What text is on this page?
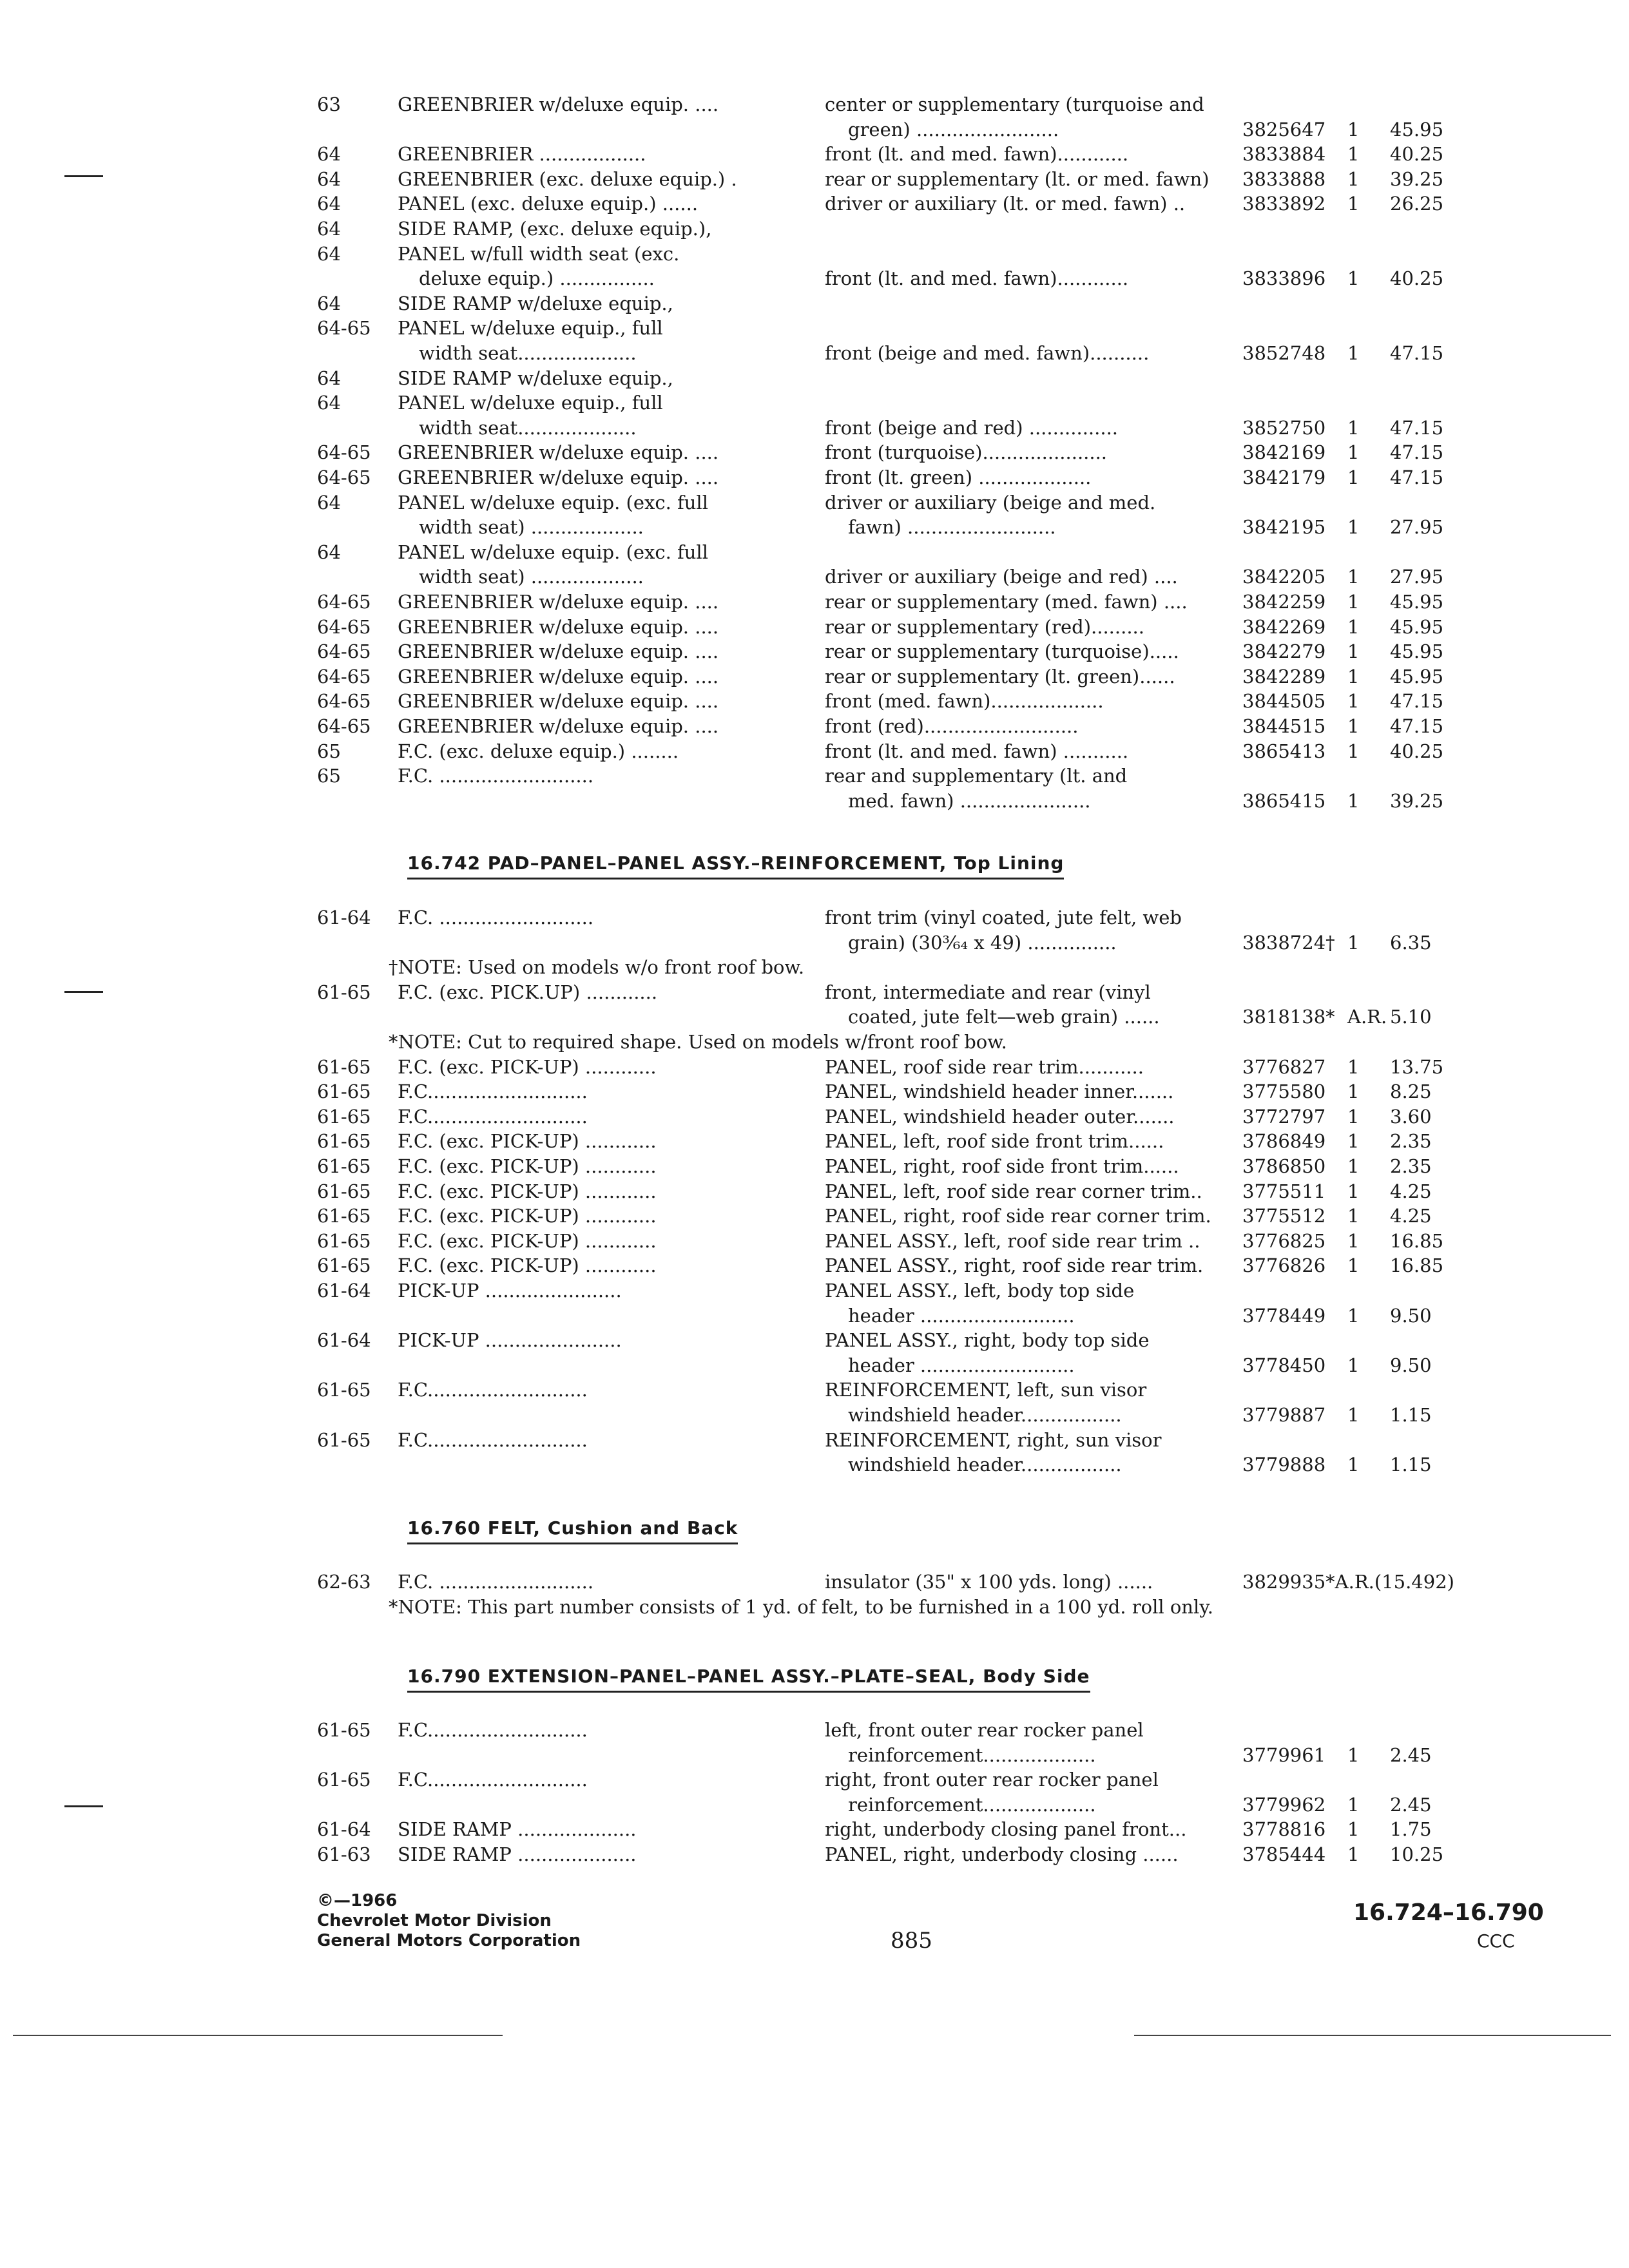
63	GREENBRIER w/deluxe equip. ....	center or supplementary (turquoise and
green) ........................	3825647 1 45.95
64	GREENBRIER ..................	front (lt. and med. fawn)............	3833884 1 40.25
64	GREENBRIER (exc. deluxe equip.) .	rear or supplementary (lt. or med. fawn) 3833888 1 39.25
64	PANEL (exc. deluxe equip.) ......	driver or auxiliary (lt. or med. fawn) ..	3833892 1 26.25
64	SIDE RAMP, (exc. deluxe equip.),
64	PANEL w/full width seat (exc.
deluxe equip.) ................	front (lt. and med. fawn)............	3833896 1 40.25
64	SIDE RAMP w/deluxe equip.,
64-65 PANEL w/deluxe equip., full
width seat....................	front (beige and med. fawn)..........	3852748 1 47.15
64	SIDE RAMP w/deluxe equip.,
64	PANEL w/deluxe equip., full
width seat....................	front (beige and red) ...............	3852750 1 47.15
64-65 GREENBRIER w/deluxe equip. ....	front (turquoise).....................	3842169 1 47.15
64-65 GREENBRIER w/deluxe equip. ....	front (lt. green) ...................	3842179 1 47.15
64	PANEL w/deluxe equip. (exc. full	driver or auxiliary (beige and med.
width seat) ...................	fawn) .........................	3842195 1 27.95
64	PANEL w/deluxe equip. (exc. full
width seat) ...................	driver or auxiliary (beige and red) ....	3842205 1 27.95
64-65 GREENBRIER w/deluxe equip. ....	rear or supplementary (med. fawn) ....	3842259 1 45.95
64-65 GREENBRIER w/deluxe equip. ....	rear or supplementary (red).........	3842269 1 45.95
64-65 GREENBRIER w/deluxe equip. ....	rear or supplementary (turquoise).....	3842279 1 45.95
64-65 GREENBRIER w/deluxe equip. ....	rear or supplementary (lt. green)......	3842289 1 45.95
64-65 GREENBRIER w/deluxe equip. ....	front (med. fawn)...................	3844505 1 47.15
64-65 GREENBRIER w/deluxe equip. ....	front (red)..........................	3844515 1 47.15
65	F.C. (exc. deluxe equip.) ........	front (lt. and med. fawn) ...........	3865413 1 40.25
65	F.C. ..........................	rear and supplementary (lt. and
med. fawn) ......................	3865415 1 39.25
16.742 PAD–PANEL–PANEL ASSY.–REINFORCEMENT, Top Lining
61-64 F.C. ..........................	front trim (vinyl coated, jute felt, web
grain) (30³⁄₆₄ x 49) ...............	3838724† 1 6.35
†NOTE: Used on models w/o front roof bow.
61-65 F.C. (exc. PICK.UP) ............	front, intermediate and rear (vinyl
coated, jute felt—web grain) ......	3818138* A.R. 5.10
*NOTE: Cut to required shape. Used on models w/front roof bow.
61-65 F.C. (exc. PICK-UP) ............	PANEL, roof side rear trim...........	3776827 1 13.75
61-65 F.C...........................	PANEL, windshield header inner.......	3775580 1 8.25
61-65 F.C...........................	PANEL, windshield header outer.......	3772797 1 3.60
61-65 F.C. (exc. PICK-UP) ............	PANEL, left, roof side front trim......	3786849 1 2.35
61-65 F.C. (exc. PICK-UP) ............	PANEL, right, roof side front trim......	3786850 1 2.35
61-65 F.C. (exc. PICK-UP) ............	PANEL, left, roof side rear corner trim.. 3775511 1 4.25
61-65 F.C. (exc. PICK-UP) ............	PANEL, right, roof side rear corner trim. 3775512 1 4.25
61-65 F.C. (exc. PICK-UP) ............	PANEL ASSY., left, roof side rear trim .. 3776825 1 16.85
61-65 F.C. (exc. PICK-UP) ............	PANEL ASSY., right, roof side rear trim. 3776826 1 16.85
61-64 PICK-UP .......................	PANEL ASSY., left, body top side
header ..........................	3778449 1 9.50
61-64 PICK-UP .......................	PANEL ASSY., right, body top side
header ..........................	3778450 1 9.50
61-65 F.C...........................	REINFORCEMENT, left, sun visor
windshield header.................	3779887 1 1.15
61-65 F.C...........................	REINFORCEMENT, right, sun visor
windshield header.................	3779888 1 1.15
16.760 FELT, Cushion and Back
62-63 F.C. ..........................	insulator (35" x 100 yds. long) ......	3829935*A.R.(15.492)
*NOTE: This part number consists of 1 yd. of felt, to be furnished in a 100 yd. roll only.
16.790 EXTENSION–PANEL–PANEL ASSY.–PLATE–SEAL, Body Side
61-65 F.C...........................	left, front outer rear rocker panel
reinforcement...................	3779961 1 2.45
61-65 F.C...........................	right, front outer rear rocker panel
reinforcement...................	3779962 1 2.45
61-64 SIDE RAMP ....................	right, underbody closing panel front...	3778816 1 1.75
61-63 SIDE RAMP ....................	PANEL, right, underbody closing ......	3785444 1 10.25
©—1966
Chevrolet Motor Division
General Motors Corporation	885
16.724–16.790
CCC
